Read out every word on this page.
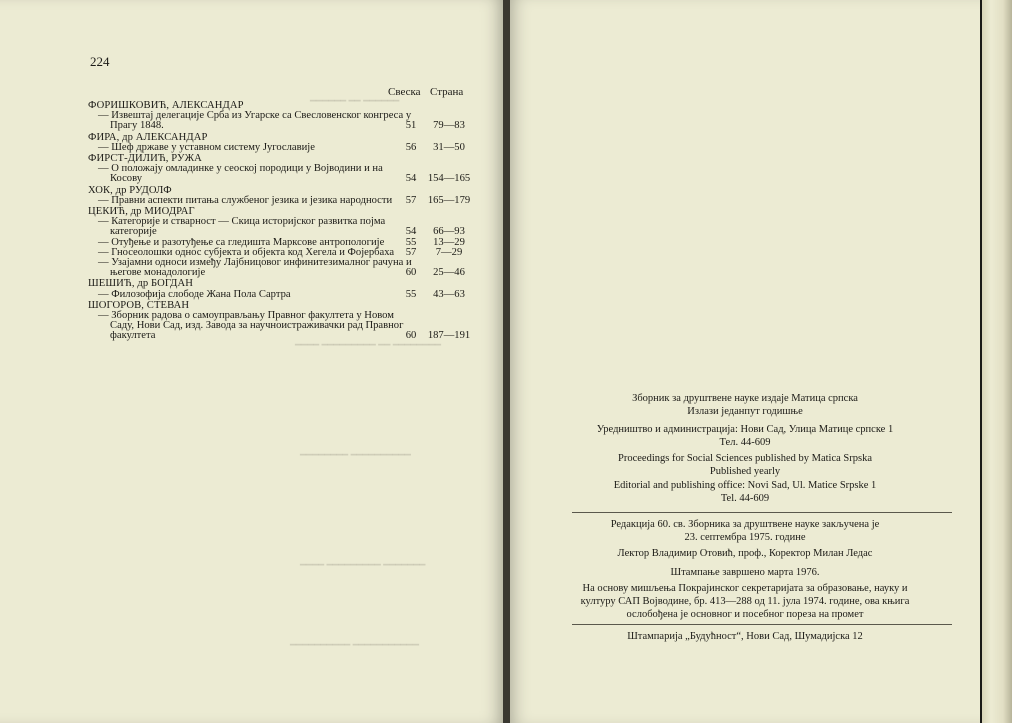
━━━━━━ ━━ ━━━━━━
━━━━━━━━ ━━ ━━━━━━━━━ ━━━━
━━━━━━━━━━ ━━━━━━━━
━━━━━━━ ━━━━━━━━━ ━━━━
━━━━━━━━━━━ ━━━━━━━━━━
224
Свеска Страна
ФОРИШКОВИЋ, АЛЕКСАНДАР
— Извештај делегације Срба из Угарске са Свесловенског конгреса у Прагу 1848.	51	79—83
ФИРА, др АЛЕКСАНДАР
— Шеф државе у уставном систему Југославије	56	31—50
ФИРСТ-ДИЛИЋ, РУЖА
— О положају омладинке у сеоској породици у Војводини и на Косову	54	154—165
ХОК, др РУДОЛФ
— Правни аспекти питања службеног језика и језика народности	57	165—179
ЦЕКИЋ, др МИОДРАГ
— Категорије и стварност — Скица историјског развитка појма категорије	54	66—93
— Отуђење и разотуђење са гледишта Марксове антропологије	55	13—29
— Гносеолошки однос субјекта и објекта код Хегела и Фојербаха	57	7—29
— Узајамни односи између Лајбницовог инфинитезималног рачуна и његове монадологије	60	25—46
ШЕШИЋ, др БОГДАН
— Филозофија слободе Жана Пола Сартра	55	43—63
ШОГОРОВ, СТЕВАН
— Зборник радова о самоуправљању Правног факултета у Новом Саду, Нови Сад, изд. Завода за научноистраживачки рад Правног факултета	60	187—191
Зборник за друштвене науке издаје Матица српска
Излази једанпут годишње
Уредништво и администрација: Нови Сад, Улица Матице српске 1
Тел. 44-609
Proceedings for Social Sciences published by Matica Srpska
Published yearly
Editorial and publishing office: Novi Sad, Ul. Matice Srpske 1
Tel. 44-609
Редакција 60. св. Зборника за друштвене науке закључена је
23. септембра 1975. године
Лектор Владимир Отовић, проф., Коректор Милан Ледас
Штампање завршено марта 1976.
На основу мишљења Покрајинског секретаријата за образовање, науку и
културу САП Војводине, бр. 413—288 од 11. јула 1974. године, ова књига
ослобођена је основног и посебног пореза на промет
Штампарија „Будућност“, Нови Сад, Шумадијска 12
